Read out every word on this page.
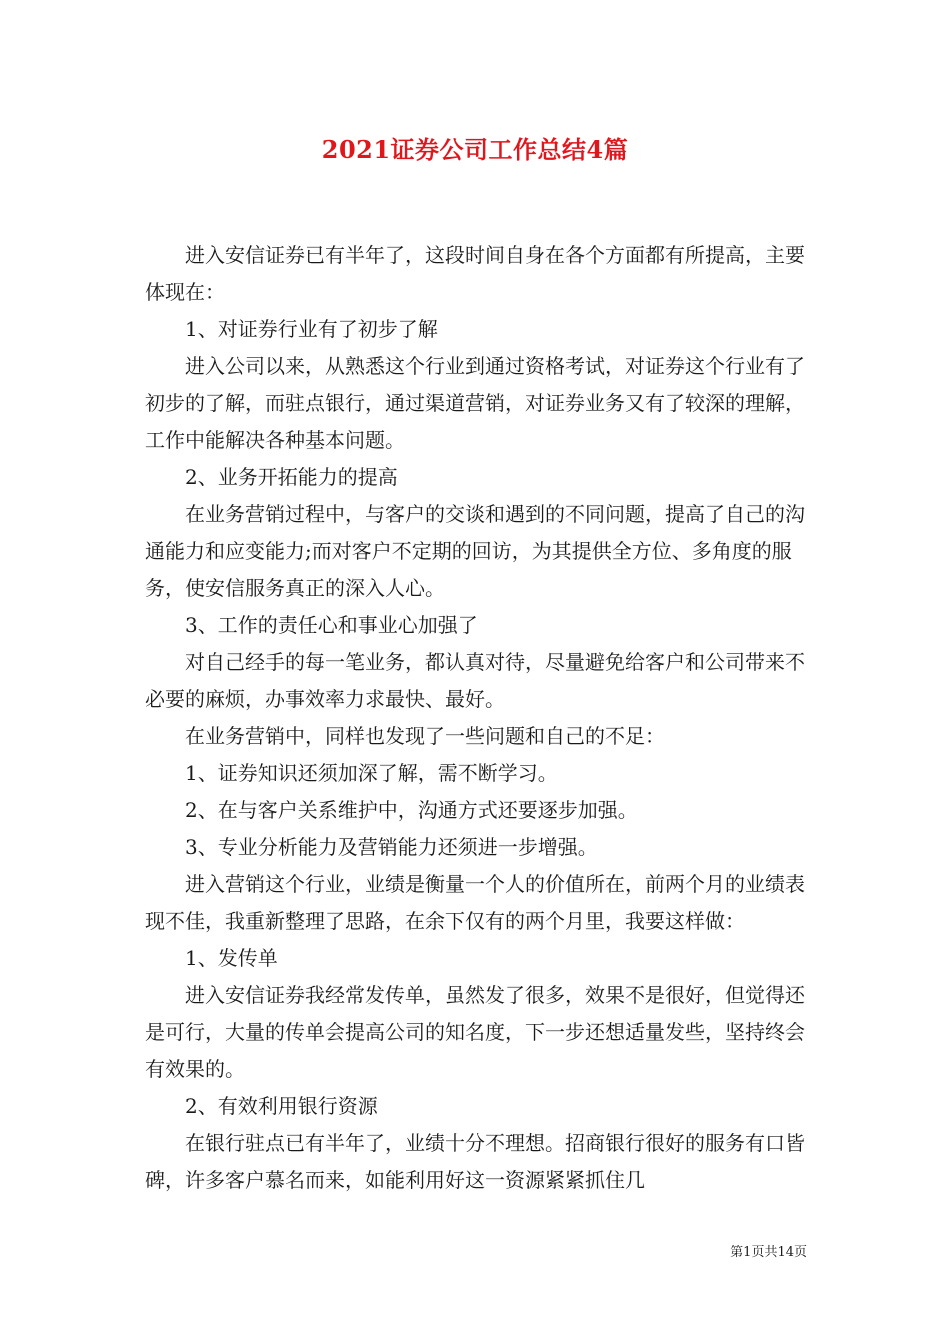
2021证券公司工作总结4篇

进入安信证券已有半年了，这段时间自身在各个方面都有所提高，主要体现在：

1、对证券行业有了初步了解

进入公司以来，从熟悉这个行业到通过资格考试，对证券这个行业有了初步的了解，而驻点银行，通过渠道营销，对证券业务又有了较深的理解，工作中能解决各种基本问题。

2、业务开拓能力的提高

在业务营销过程中，与客户的交谈和遇到的不同问题，提高了自己的沟通能力和应变能力;而对客户不定期的回访，为其提供全方位、多角度的服务，使安信服务真正的深入人心。

3、工作的责任心和事业心加强了

对自己经手的每一笔业务，都认真对待，尽量避免给客户和公司带来不必要的麻烦，办事效率力求最快、最好。

在业务营销中，同样也发现了一些问题和自己的不足：

1、证券知识还须加深了解，需不断学习。

2、在与客户关系维护中，沟通方式还要逐步加强。

3、专业分析能力及营销能力还须进一步增强。

进入营销这个行业，业绩是衡量一个人的价值所在，前两个月的业绩表现不佳，我重新整理了思路，在余下仅有的两个月里，我要这样做：

1、发传单

进入安信证券我经常发传单，虽然发了很多，效果不是很好，但觉得还是可行，大量的传单会提高公司的知名度，下一步还想适量发些，坚持终会有效果的。

2、有效利用银行资源

在银行驻点已有半年了，业绩十分不理想。招商银行很好的服务有口皆碑，许多客户慕名而来，如能利用好这一资源紧紧抓住几

第1页共14页
